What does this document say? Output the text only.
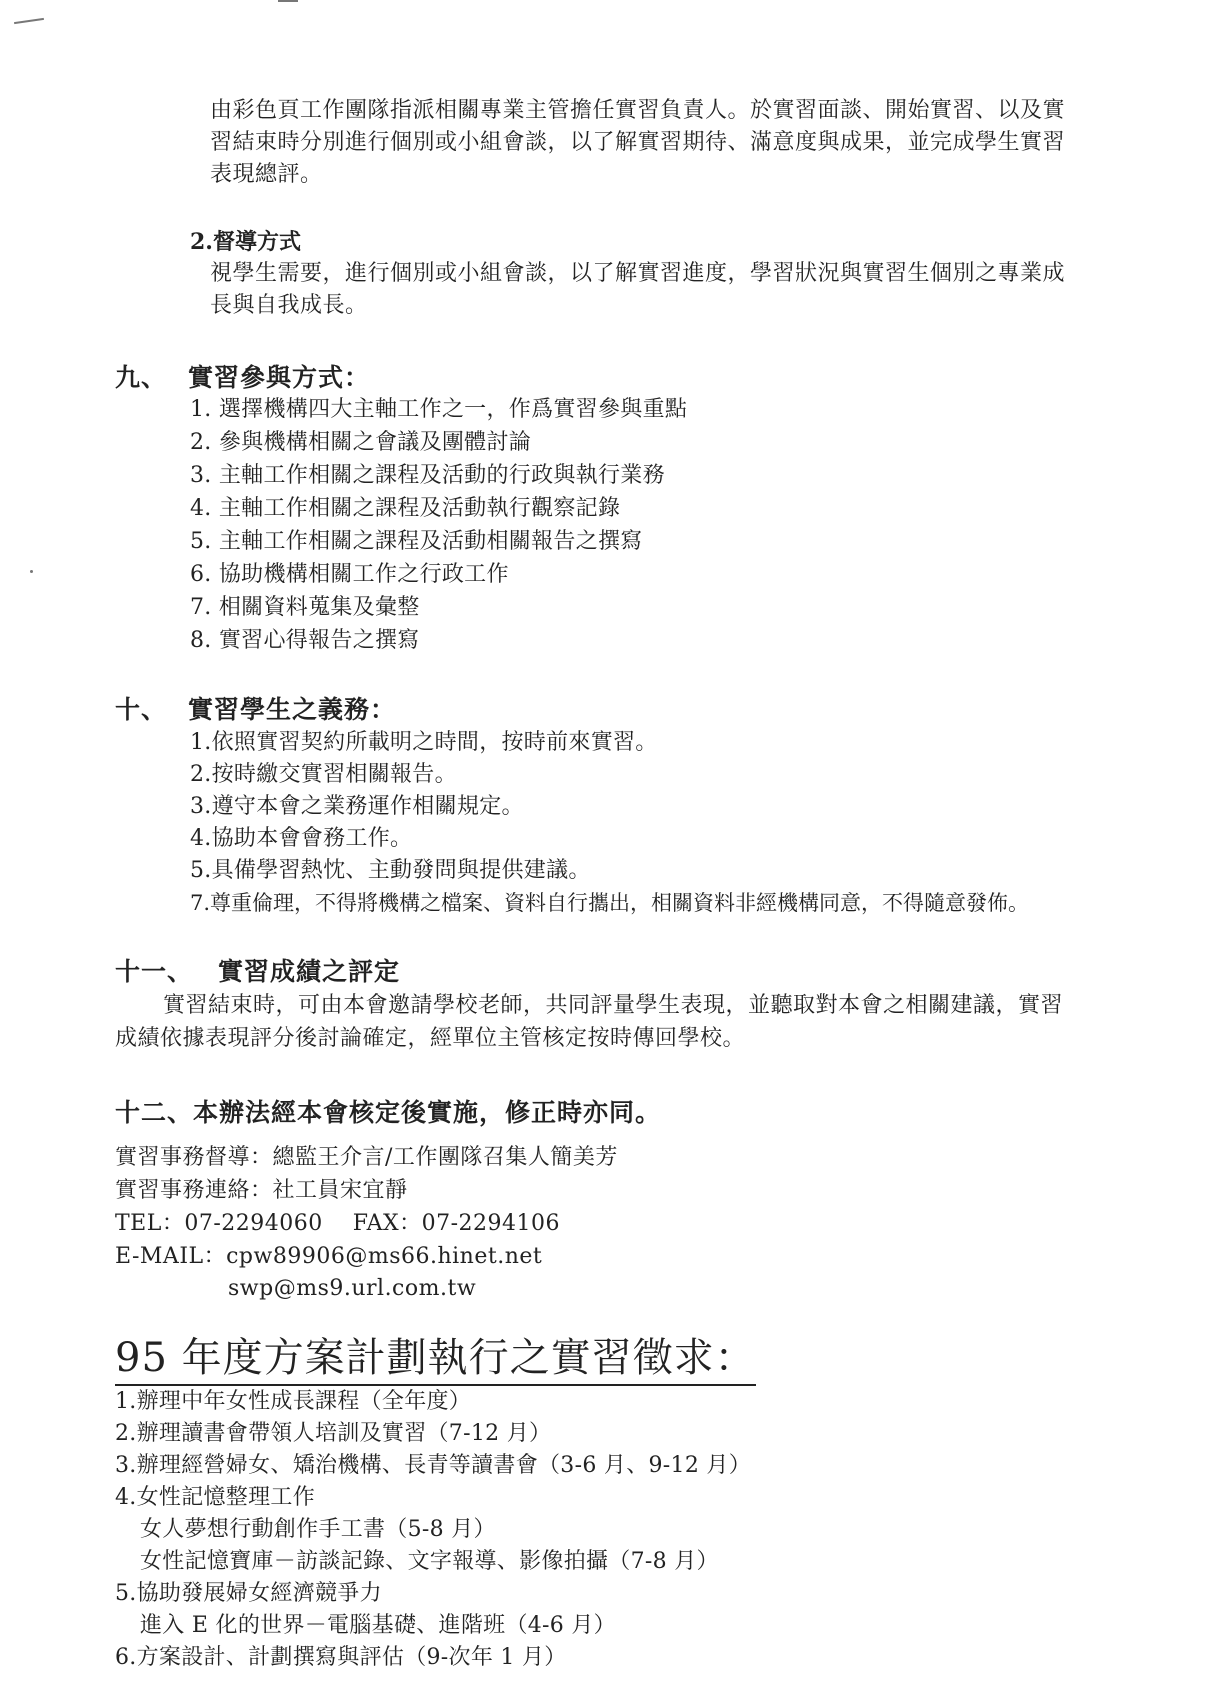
由彩色頁工作團隊指派相關專業主管擔任實習負責人。於實習面談、開始實習、以及實
習結束時分別進行個別或小組會談，以了解實習期待、滿意度與成果，並完成學生實習
表現總評。
2.督導方式
視學生需要，進行個別或小組會談，以了解實習進度，學習狀況與實習生個別之專業成
長與自我成長。
九、 實習參與方式：
1. 選擇機構四大主軸工作之一，作爲實習參與重點
2. 參與機構相關之會議及團體討論
3. 主軸工作相關之課程及活動的行政與執行業務
4. 主軸工作相關之課程及活動執行觀察記錄
5. 主軸工作相關之課程及活動相關報告之撰寫
6. 協助機構相關工作之行政工作
7. 相關資料蒐集及彙整
8. 實習心得報告之撰寫
十、 實習學生之義務：
1.依照實習契約所載明之時間，按時前來實習。
2.按時繳交實習相關報告。
3.遵守本會之業務運作相關規定。
4.協助本會會務工作。
5.具備學習熱忱、主動發問與提供建議。
7.尊重倫理，不得將機構之檔案、資料自行攜出，相關資料非經機構同意，不得隨意發佈。
十一、 實習成績之評定
實習結束時，可由本會邀請學校老師，共同評量學生表現，並聽取對本會之相關建議，實習
成績依據表現評分後討論確定，經單位主管核定按時傳回學校。
十二、本辦法經本會核定後實施，修正時亦同。
實習事務督導：總監王介言/工作團隊召集人簡美芳
實習事務連絡：社工員宋宜靜
TEL：07-2294060    FAX：07-2294106
E-MAIL：cpw89906@ms66.hinet.net
swp@ms9.url.com.tw
95 年度方案計劃執行之實習徵求：
1.辦理中年女性成長課程（全年度）
2.辦理讀書會帶領人培訓及實習（7-12 月）
3.辦理經營婦女、矯治機構、長青等讀書會（3-6 月、9-12 月）
4.女性記憶整理工作
女人夢想行動創作手工書（5-8 月）
女性記憶寶庫－訪談記錄、文字報導、影像拍攝（7-8 月）
5.協助發展婦女經濟競爭力
進入 E 化的世界－電腦基礎、進階班（4-6 月）
6.方案設計、計劃撰寫與評估（9-次年 1 月）
